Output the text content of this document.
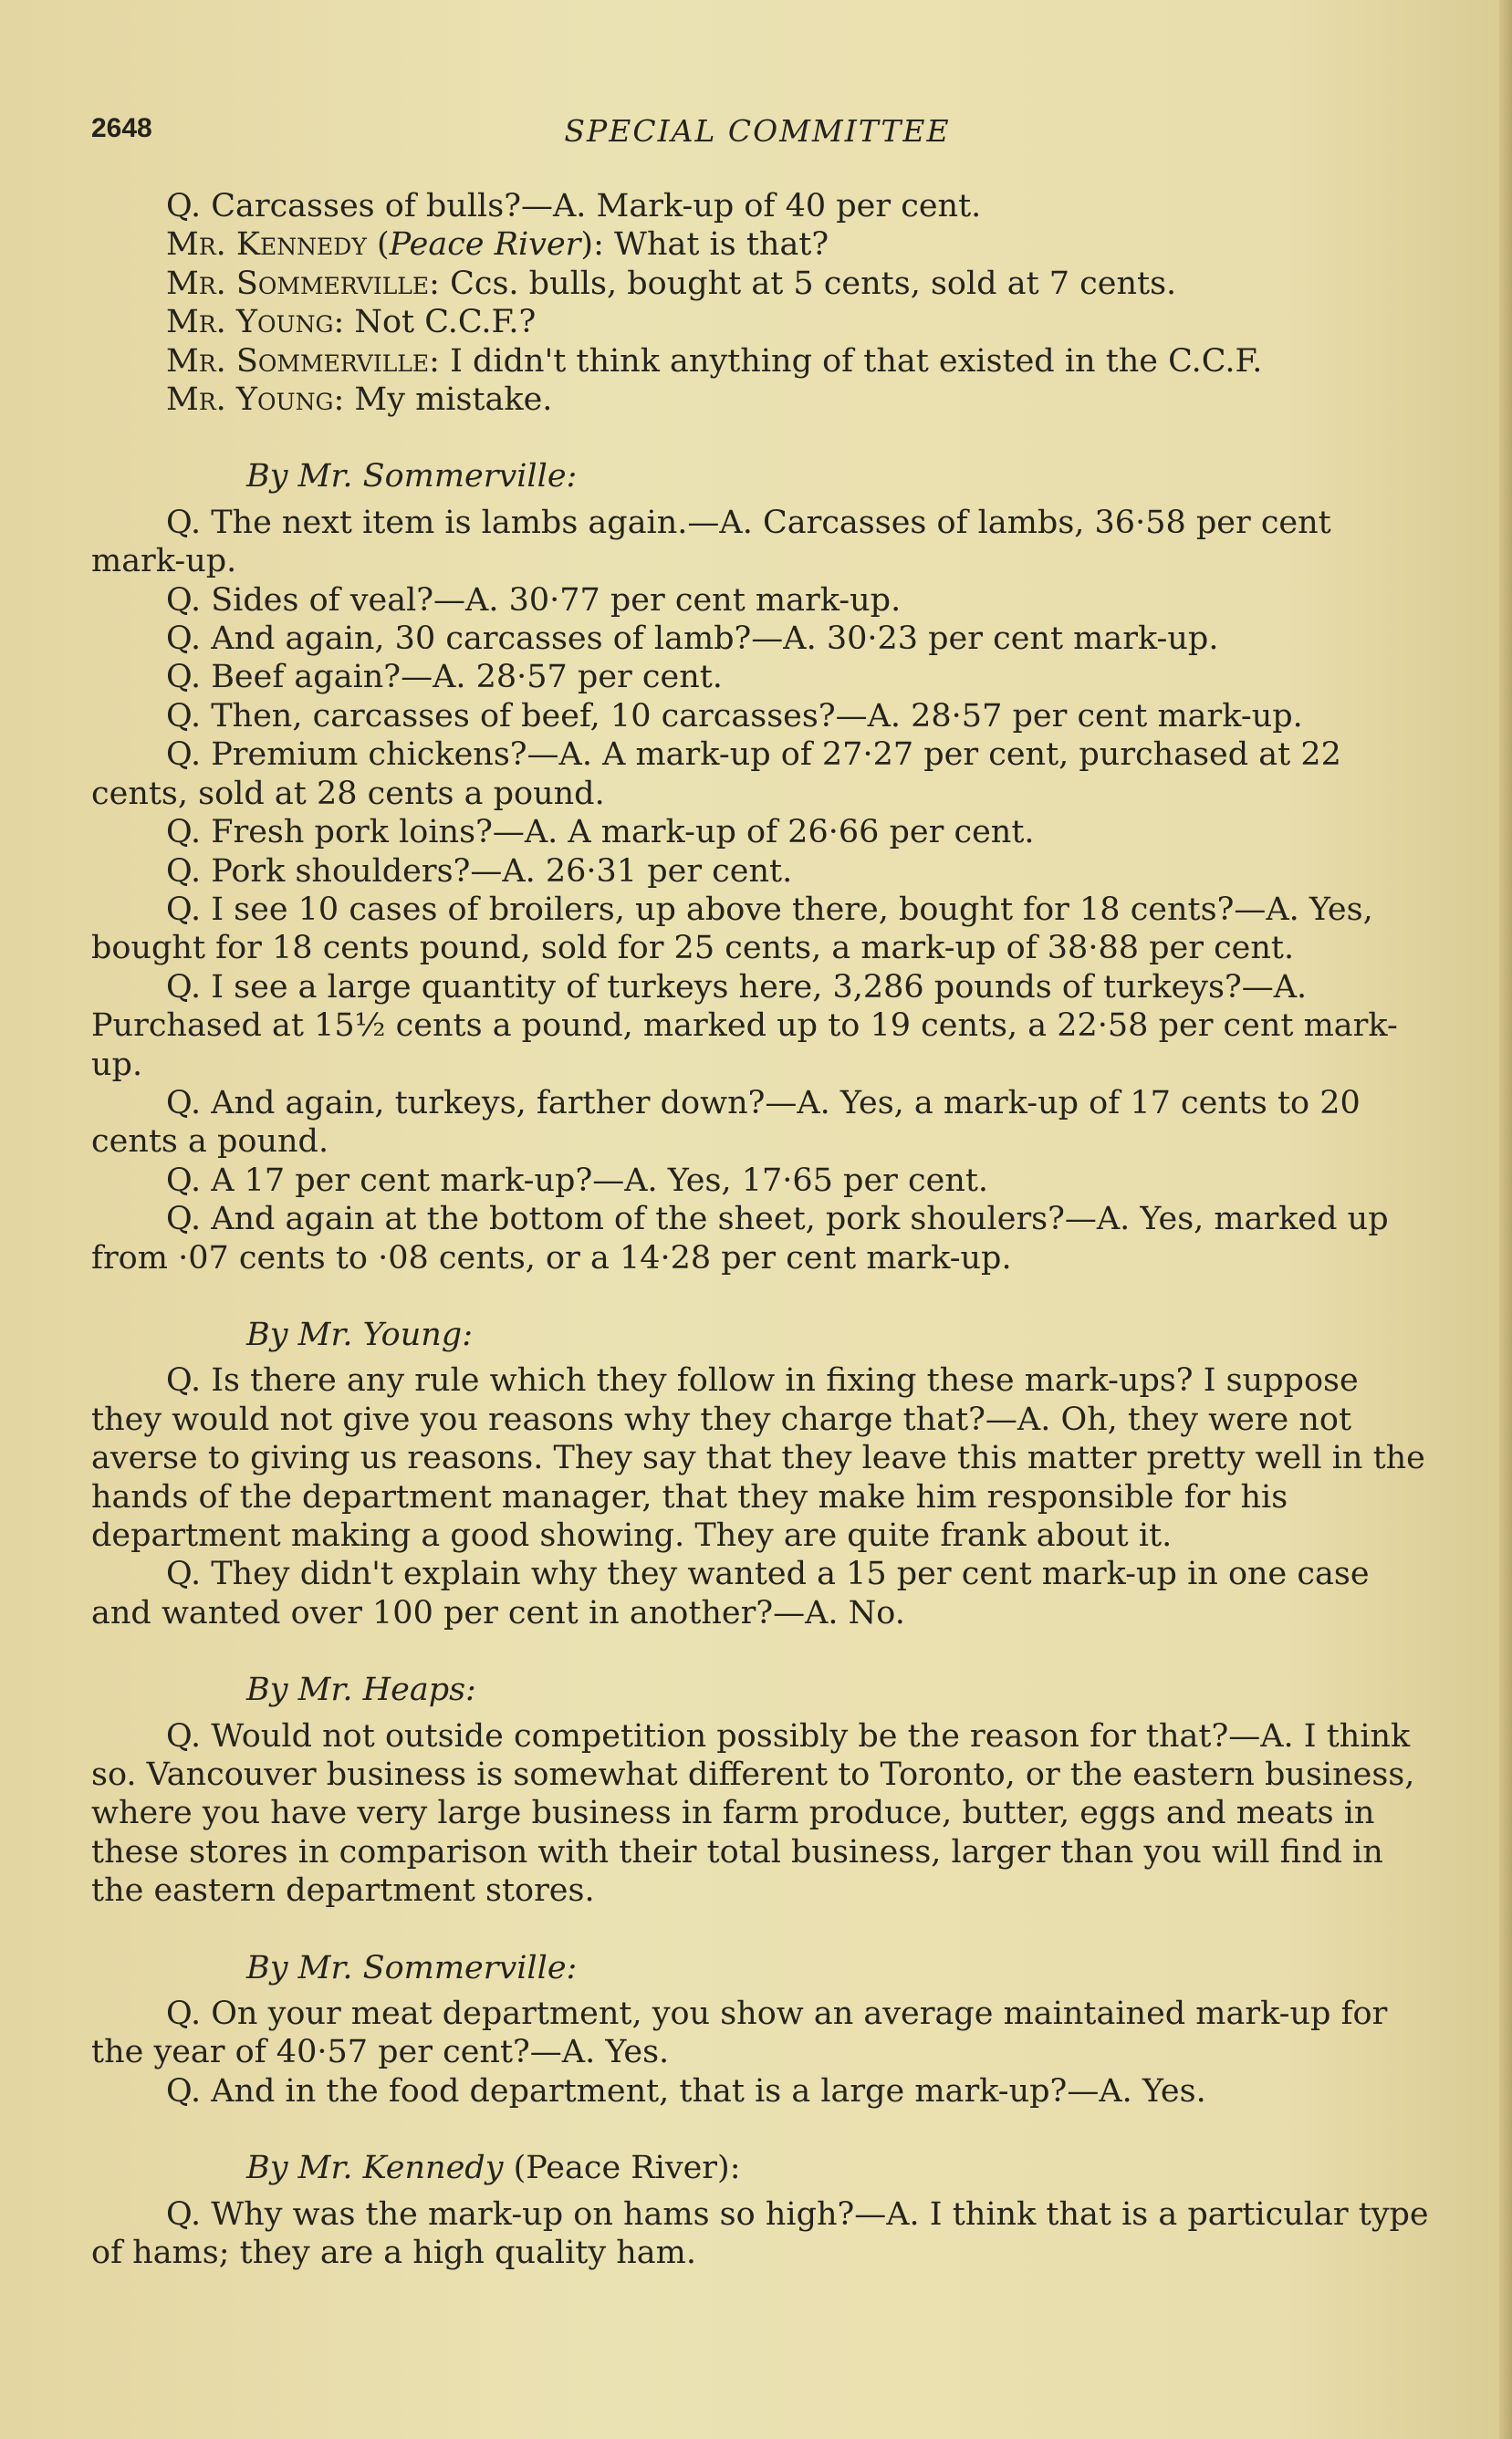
2648	SPECIAL COMMITTEE

Q. Carcasses of bulls?—A. Mark-up of 40 per cent.

Mr. Kennedy (Peace River): What is that?

Mr. Sommerville: Ccs. bulls, bought at 5 cents, sold at 7 cents.

Mr. Young: Not C.C.F.?

Mr. Sommerville: I didn't think anything of that existed in the C.C.F.

Mr. Young: My mistake.

By Mr. Sommerville:

Q. The next item is lambs again.—A. Carcasses of lambs, 36·58 per cent mark-up.

Q. Sides of veal?—A. 30·77 per cent mark-up.

Q. And again, 30 carcasses of lamb?—A. 30·23 per cent mark-up.

Q. Beef again?—A. 28·57 per cent.

Q. Then, carcasses of beef, 10 carcasses?—A. 28·57 per cent mark-up.

Q. Premium chickens?—A. A mark-up of 27·27 per cent, purchased at 22 cents, sold at 28 cents a pound.

Q. Fresh pork loins?—A. A mark-up of 26·66 per cent.

Q. Pork shoulders?—A. 26·31 per cent.

Q. I see 10 cases of broilers, up above there, bought for 18 cents?—A. Yes, bought for 18 cents pound, sold for 25 cents, a mark-up of 38·88 per cent.

Q. I see a large quantity of turkeys here, 3,286 pounds of turkeys?—A. Purchased at 15½ cents a pound, marked up to 19 cents, a 22·58 per cent mark-up.

Q. And again, turkeys, farther down?—A. Yes, a mark-up of 17 cents to 20 cents a pound.

Q. A 17 per cent mark-up?—A. Yes, 17·65 per cent.

Q. And again at the bottom of the sheet, pork shoulers?—A. Yes, marked up from ·07 cents to ·08 cents, or a 14·28 per cent mark-up.

By Mr. Young:

Q. Is there any rule which they follow in fixing these mark-ups? I suppose they would not give you reasons why they charge that?—A. Oh, they were not averse to giving us reasons. They say that they leave this matter pretty well in the hands of the department manager, that they make him responsible for his department making a good showing. They are quite frank about it.

Q. They didn't explain why they wanted a 15 per cent mark-up in one case and wanted over 100 per cent in another?—A. No.

By Mr. Heaps:

Q. Would not outside competition possibly be the reason for that?—A. I think so. Vancouver business is somewhat different to Toronto, or the eastern business, where you have very large business in farm produce, butter, eggs and meats in these stores in comparison with their total business, larger than you will find in the eastern department stores.

By Mr. Sommerville:

Q. On your meat department, you show an average maintained mark-up for the year of 40·57 per cent?—A. Yes.

Q. And in the food department, that is a large mark-up?—A. Yes.

By Mr. Kennedy (Peace River):

Q. Why was the mark-up on hams so high?—A. I think that is a particular type of hams; they are a high quality ham.
